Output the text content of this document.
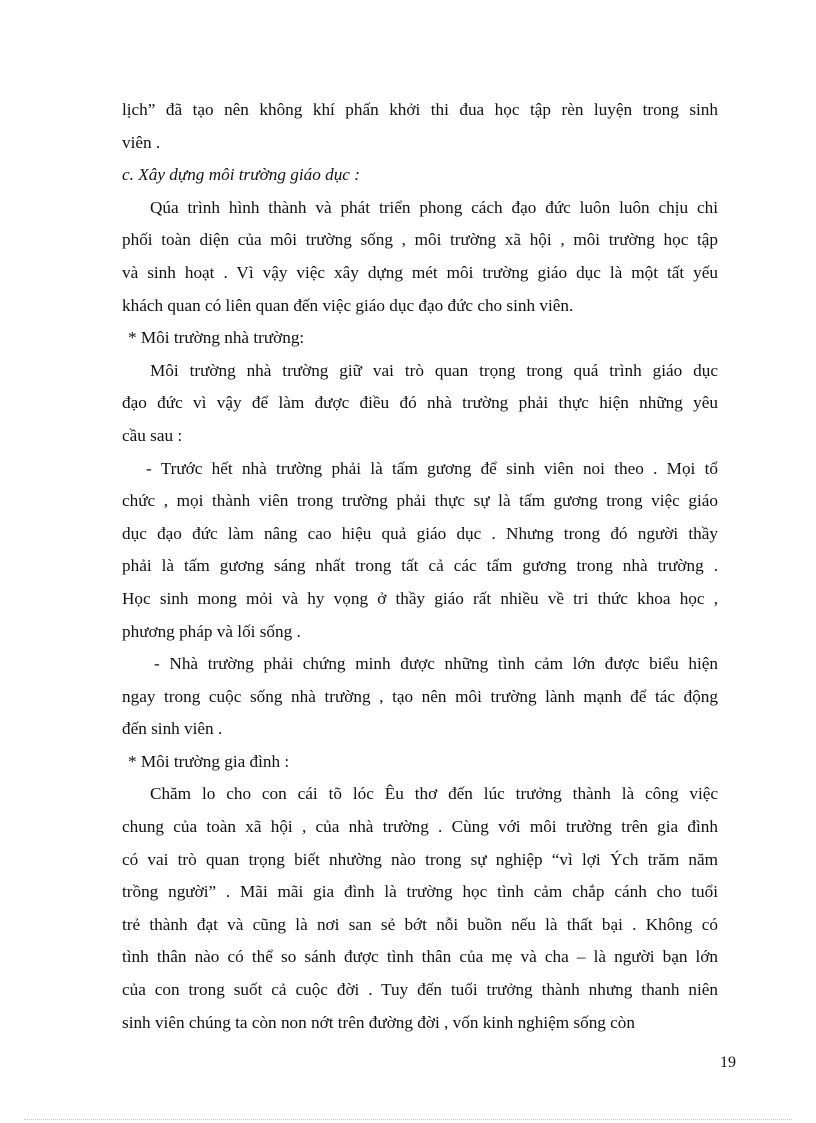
lịch” đã tạo nên không khí phấn khởi thi đua học tập rèn luyện trong sinh
viên .
c. Xây dựng môi trường giáo dục :
Qúa trình hình thành và phát triển phong cách đạo đức luôn luôn chịu chi
phối toàn diện của môi trường sống , môi trường xã hội , môi trường học tập
và sinh hoạt . Vì vậy việc xây dựng mét môi trường giáo dục là một tất yếu
khách quan có liên quan đến việc giáo dục đạo đức cho sinh viên.
* Môi trường nhà trường:
Môi trường nhà trường giữ vai trò quan trọng trong quá trình giáo dục
đạo đức vì vậy để làm được điều đó nhà trường phải thực hiện những yêu
cầu sau :
- Trước hết nhà trường phải là tấm gương để sinh viên noi theo . Mọi tổ
chức , mọi thành viên trong trường phải thực sự là tấm gương trong việc giáo
dục đạo đức làm nâng cao hiệu quả giáo dục . Nhưng trong đó người thầy
phải là tấm gương sáng nhất trong tất cả các tấm gương trong nhà trường .
Học sinh mong mỏi và hy vọng ở thầy giáo rất nhiều về tri thức khoa học ,
phương pháp và lối sống .
- Nhà trường phải chứng minh được những tình cảm lớn được biểu hiện
ngay trong cuộc sống nhà trường , tạo nên môi trường lành mạnh để tác động
đến sinh viên .
* Môi trường gia đình :
Chăm lo cho con cái tõ lóc Êu thơ đến lúc trưởng thành là công việc
chung của toàn xã hội , của nhà trường . Cùng với môi trường trên gia đình
có vai trò quan trọng biết nhường nào trong sự nghiệp “vì lợi Ých trăm năm
trồng người” . Mãi mãi gia đình là trường học tình cảm chắp cánh cho tuổi
trẻ thành đạt và cũng là nơi san sẻ bớt nỗi buồn nếu là thất bại . Không có
tình thân nào có thể so sánh được tình thân của mẹ và cha – là người bạn lớn
của con trong suốt cả cuộc đời . Tuy đến tuổi trưởng thành nhưng thanh niên
sinh viên chúng ta còn non nớt trên đường đời , vốn kinh nghiệm sống còn
19
